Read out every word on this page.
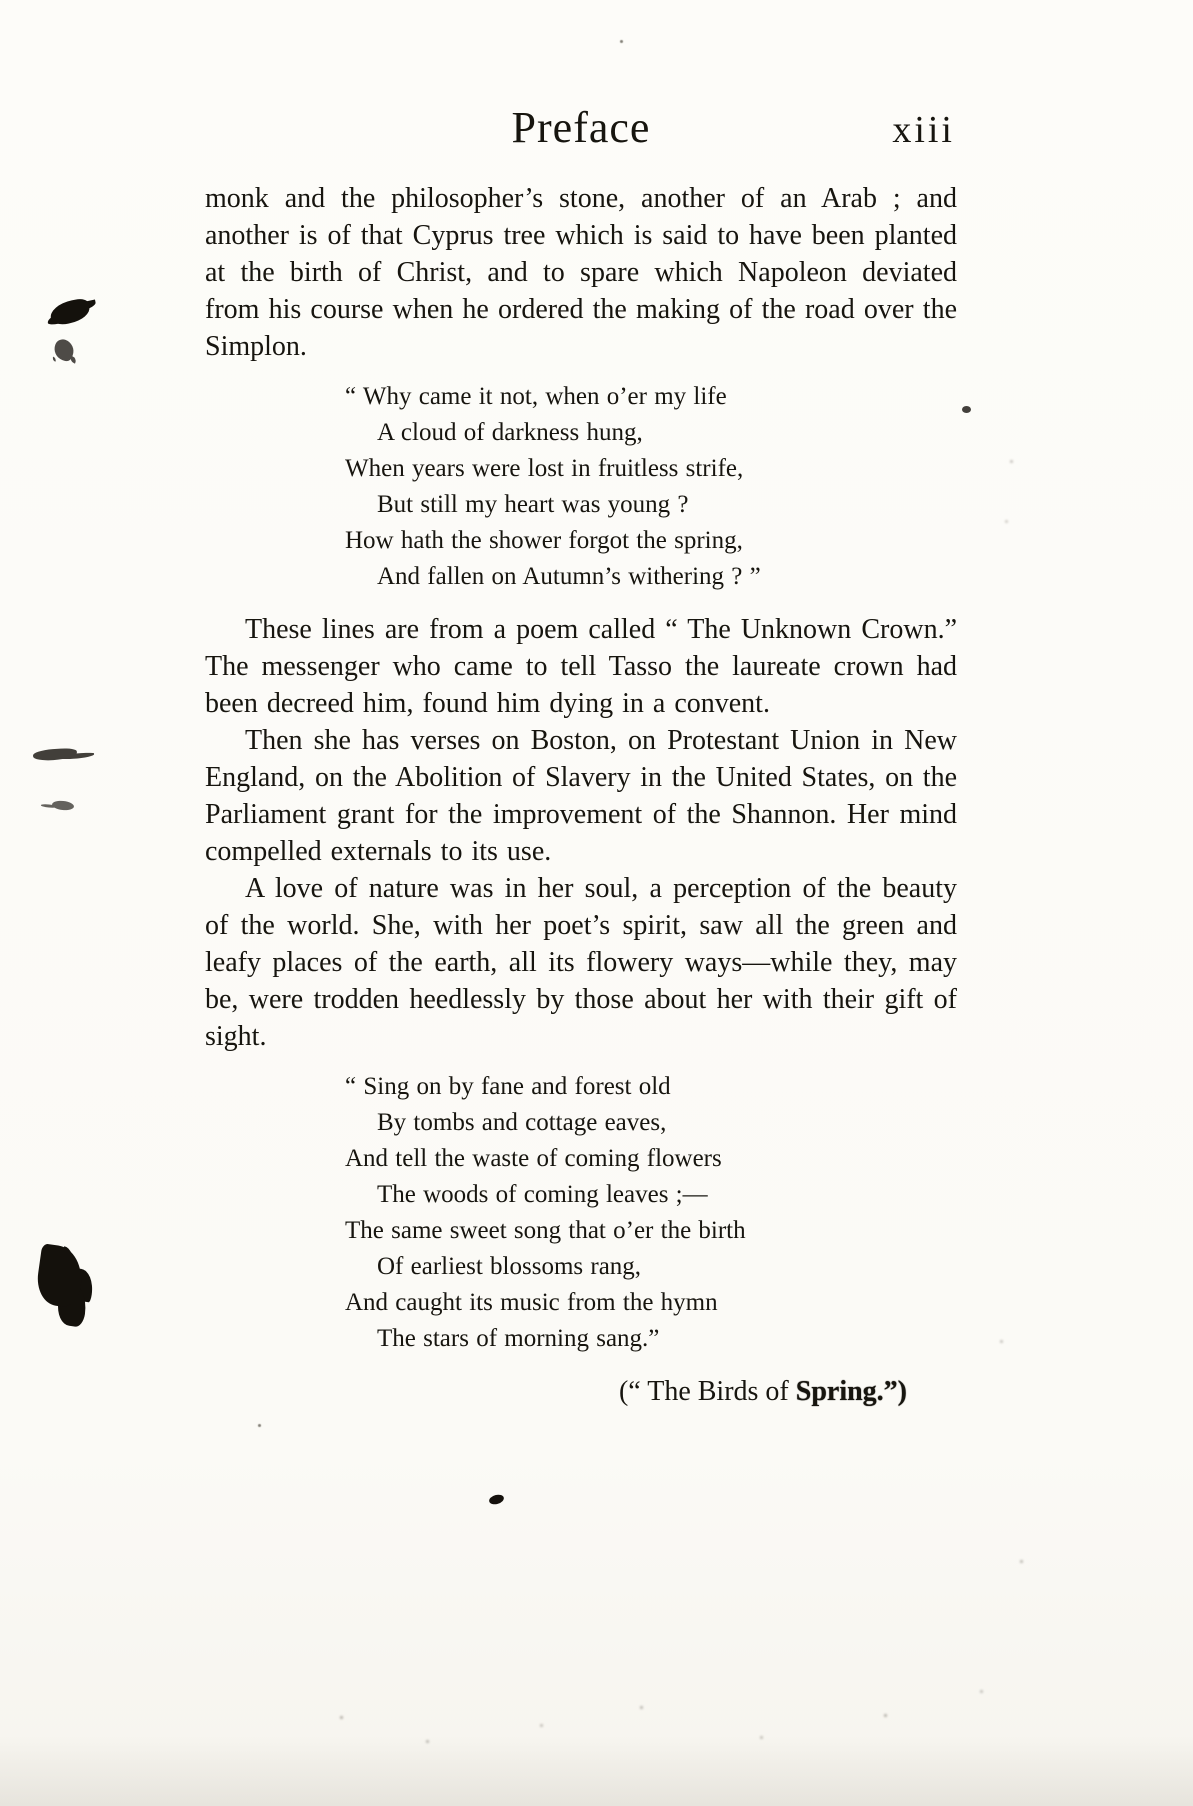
Preface	xiii

monk and the philosopher’s stone, another of an Arab ; and another is of that Cyprus tree which is said to have been planted at the birth of Christ, and to spare which Napoleon deviated from his course when he ordered the making of the road over the Simplon.

“ Why came it not, when o’er my life
A cloud of darkness hung,
When years were lost in fruitless strife,
But still my heart was young ?
How hath the shower forgot the spring,
And fallen on Autumn’s withering ? ”

These lines are from a poem called “ The Unknown Crown.” The messenger who came to tell Tasso the laureate crown had been decreed him, found him dying in a convent.

Then she has verses on Boston, on Protestant Union in New England, on the Abolition of Slavery in the United States, on the Parliament grant for the improvement of the Shannon. Her mind compelled externals to its use.

A love of nature was in her soul, a perception of the beauty of the world. She, with her poet’s spirit, saw all the green and leafy places of the earth, all its flowery ways—while they, may be, were trodden heedlessly by those about her with their gift of sight.

“ Sing on by fane and forest old
By tombs and cottage eaves,
And tell the waste of coming flowers
The woods of coming leaves ;—
The same sweet song that o’er the birth
Of earliest blossoms rang,
And caught its music from the hymn
The stars of morning sang.”
(“ The Birds of Spring.”)
